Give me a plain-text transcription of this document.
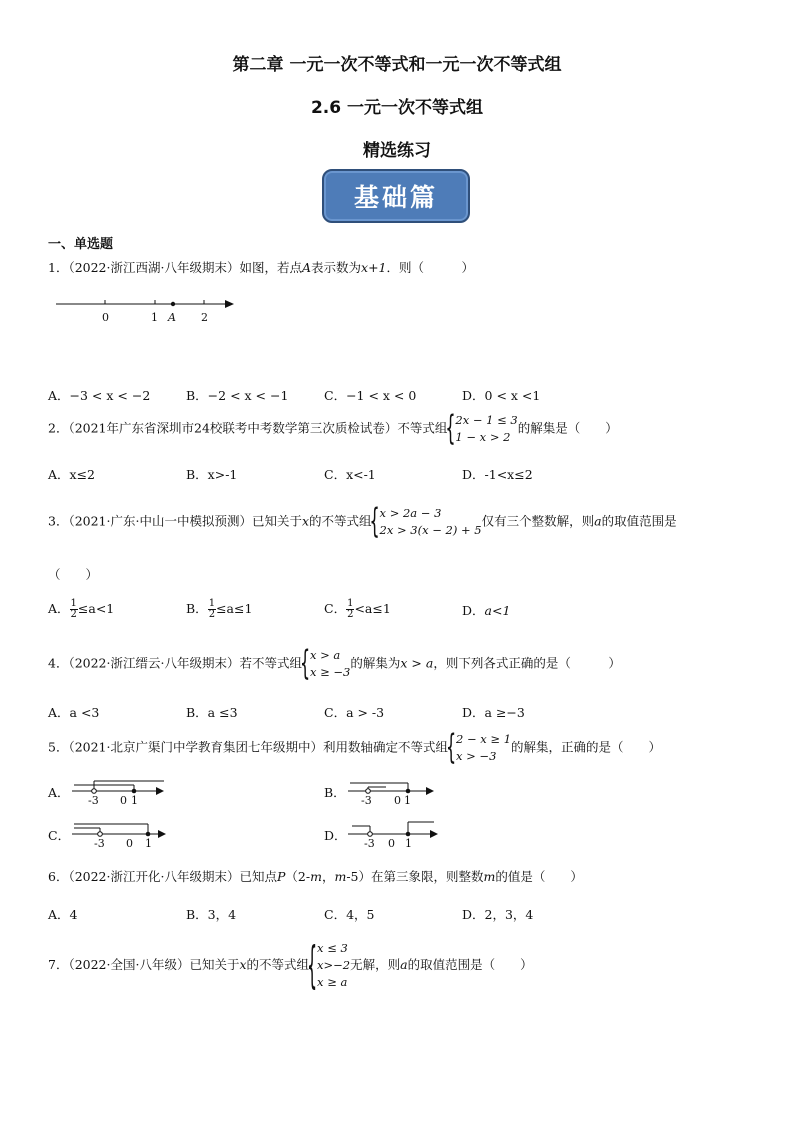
第二章 一元一次不等式和一元一次不等式组
2.6 一元一次不等式组
精选练习
基础篇
一、单选题
1．（2022·浙江西湖·八年级期末）如图，若点A表示数为x+1．则（　　　）
0	1 A 2
A．−3 < x < −2	B．−2 < x < −1	C．−1 < x < 0	D．0 < x <1
2．（2021年广东省深圳市24校联考中考数学第三次质检试卷）不等式组
{ 2x − 1 ≤ 3
1 − x > 2
的解集是（　　）
A．x≤2	B．x>-1	C．x<-1	D．-1<x≤2
3．（2021·广东·中山一中模拟预测）已知关于x的不等式组
{ x > 2a − 3
2x > 3(x − 2) + 5
仅有三个整数解，则a的取值范围是
（　　）
A． $\frac{1}{2} \le a<1$	B． $\frac{1}{2} \le a\le 1$	C． $\frac{1}{2} <a\le 1$	D．a<1
4．（2022·浙江缙云·八年级期末）若不等式组
{ x > a
x ≥ −3
的解集为x > a，则下列各式正确的是（　　　）
A．a <3	B．a ≤3	C．a > -3	D．a ≥−3
5．（2021·北京广渠门中学教育集团七年级期中）利用数轴确定不等式组
{ 2 − x ≥ 1
x > −3
的解集，正确的是（　　）
A．
-3 0 1
B．
-3 0 1
C．
-3 0 1
D．
-3 0 1
6．（2022·浙江开化·八年级期末）已知点P（2-m，m-5）在第三象限，则整数m的值是（　　）
A．4	B．3，4	C．4，5	D．2，3，4
7．（2022·全国·八年级）已知关于x的不等式组
{ x ≤ 3
x>−2
x ≥ a
无解，则a的取值范围是（　　）
